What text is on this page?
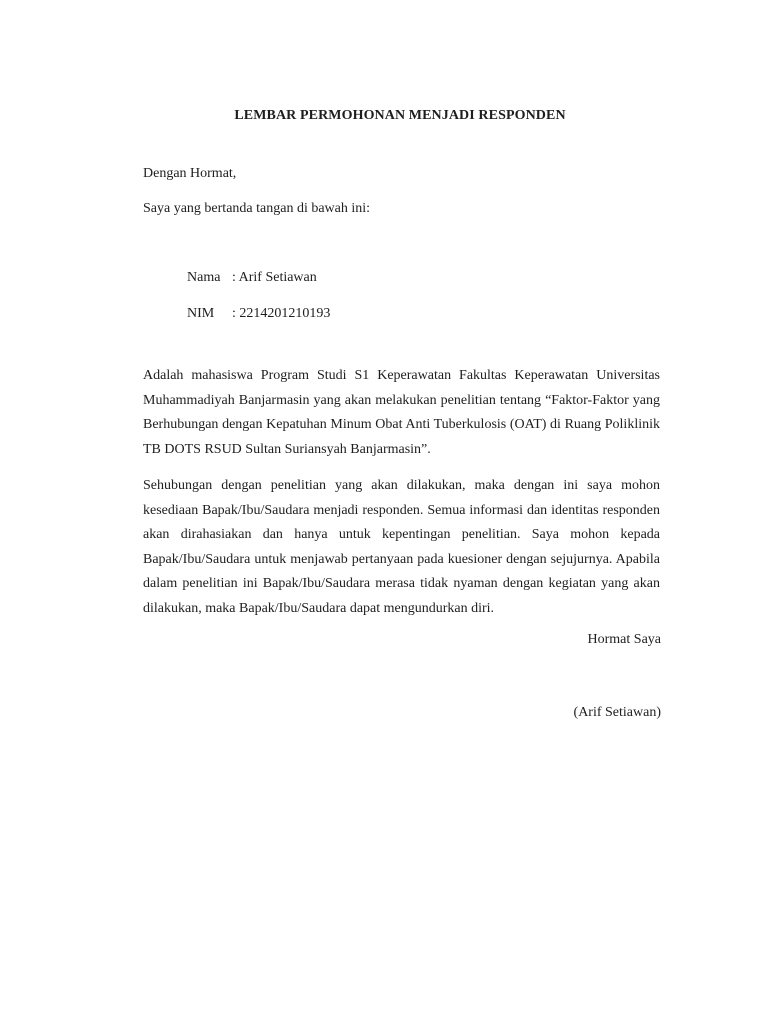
LEMBAR PERMOHONAN MENJADI RESPONDEN
Dengan Hormat,
Saya yang bertanda tangan di bawah ini:
Nama : Arif Setiawan
NIM : 2214201210193
Adalah mahasiswa Program Studi S1 Keperawatan Fakultas Keperawatan Universitas Muhammadiyah Banjarmasin yang akan melakukan penelitian tentang “Faktor-Faktor yang Berhubungan dengan Kepatuhan Minum Obat Anti Tuberkulosis (OAT) di Ruang Poliklinik TB DOTS RSUD Sultan Suriansyah Banjarmasin”.
Sehubungan dengan penelitian yang akan dilakukan, maka dengan ini saya mohon kesediaan Bapak/Ibu/Saudara menjadi responden. Semua informasi dan identitas responden akan dirahasiakan dan hanya untuk kepentingan penelitian. Saya mohon kepada Bapak/Ibu/Saudara untuk menjawab pertanyaan pada kuesioner dengan sejujurnya. Apabila dalam penelitian ini Bapak/Ibu/Saudara merasa tidak nyaman dengan kegiatan yang akan dilakukan, maka Bapak/Ibu/Saudara dapat mengundurkan diri.
Hormat Saya
(Arif Setiawan)
